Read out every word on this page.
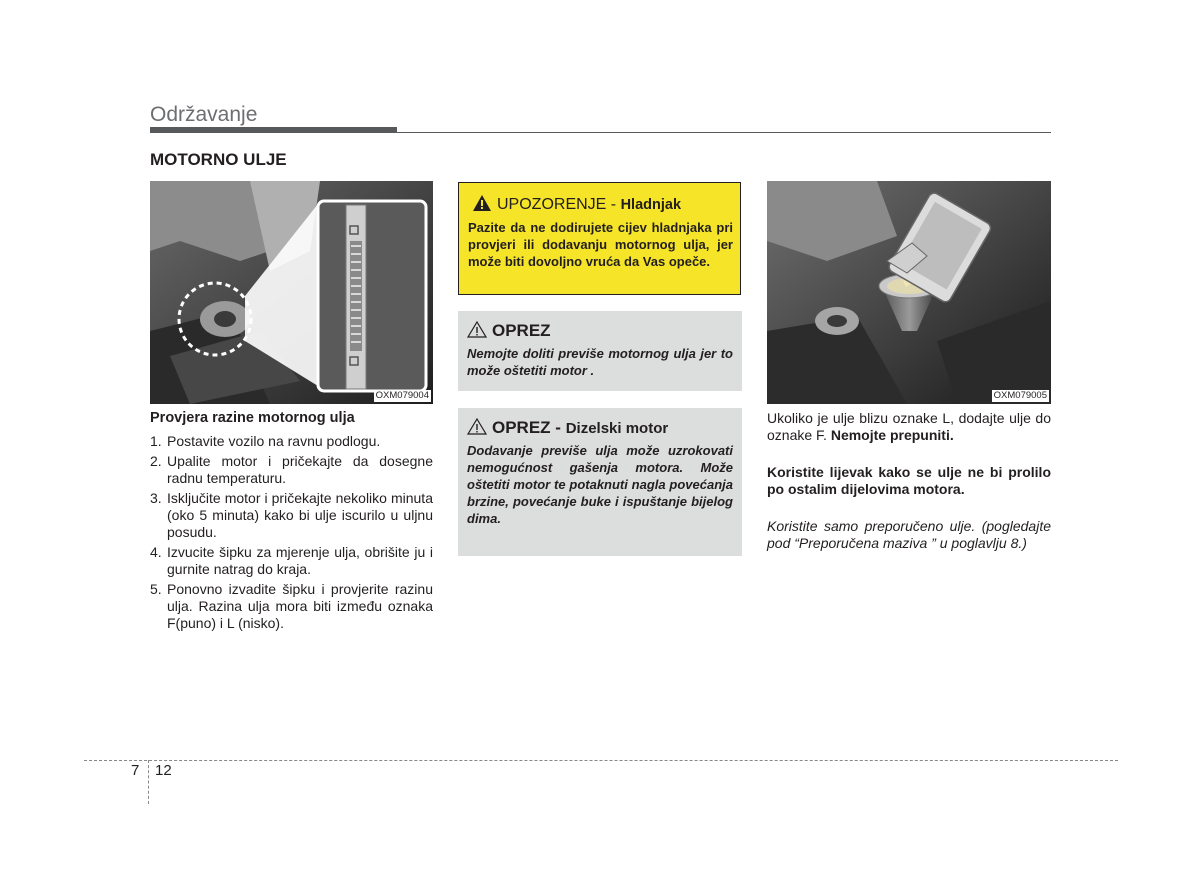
Održavanje
MOTORNO ULJE
OXM079004
Provjera razine motornog ulja
1. Postavite vozilo na ravnu podlogu.
2. Upalite motor i pričekajte da dosegne radnu temperaturu.
3. Isključite motor i pričekajte nekoliko minuta (oko 5 minuta) kako bi ulje iscurilo u uljnu posudu.
4. Izvucite šipku za mjerenje ulja, obrišite ju i gurnite natrag do kraja.
5. Ponovno izvadite šipku i provjerite razinu ulja. Razina ulja mora biti između oznaka F(puno) i L (nisko).
UPOZORENJE - Hladnjak
Pazite da ne dodirujete cijev hladnjaka pri provjeri ili dodavanju motornog ulja, jer može biti dovoljno vruća da Vas opeče.
OPREZ
Nemojte doliti previše motornog ulja jer to može oštetiti motor .
OPREZ - Dizelski motor
Dodavanje previše ulja može uzrokovati nemogućnost gašenja motora. Može oštetiti motor te potaknuti nagla povećanja brzine, povećanje buke i ispuštanje bijelog dima.
OXM079005
Ukoliko je ulje blizu oznake L, dodajte ulje do oznake F. Nemojte prepuniti.
Koristite lijevak kako se ulje ne bi prolilo po ostalim dijelovima motora.
Koristite samo preporučeno ulje. (pogledajte pod “Preporučena maziva ” u poglavlju 8.)
7 12
